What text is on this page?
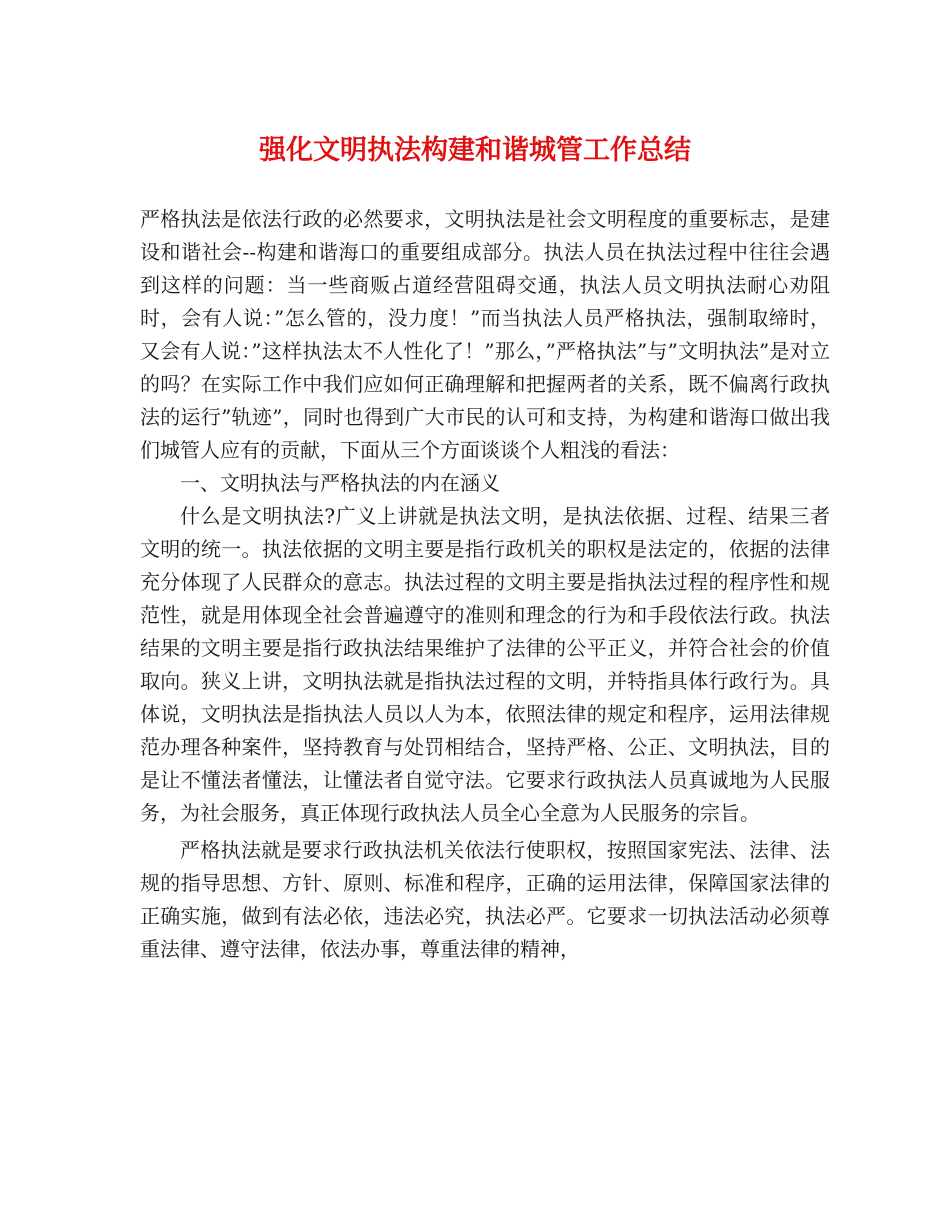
强化文明执法构建和谐城管工作总结

严格执法是依法行政的必然要求，文明执法是社会文明程度的重要标志，是建设和谐社会--构建和谐海口的重要组成部分。执法人员在执法过程中往往会遇到这样的问题：当一些商贩占道经营阻碍交通，执法人员文明执法耐心劝阻时，会有人说：”怎么管的，没力度！”而当执法人员严格执法，强制取缔时，又会有人说：”这样执法太不人性化了！”那么，”严格执法”与”文明执法”是对立的吗？在实际工作中我们应如何正确理解和把握两者的关系，既不偏离行政执法的运行”轨迹”，同时也得到广大市民的认可和支持，为构建和谐海口做出我们城管人应有的贡献，下面从三个方面谈谈个人粗浅的看法：

一、文明执法与严格执法的内在涵义

什么是文明执法?广义上讲就是执法文明，是执法依据、过程、结果三者文明的统一。执法依据的文明主要是指行政机关的职权是法定的，依据的法律充分体现了人民群众的意志。执法过程的文明主要是指执法过程的程序性和规范性，就是用体现全社会普遍遵守的准则和理念的行为和手段依法行政。执法结果的文明主要是指行政执法结果维护了法律的公平正义，并符合社会的价值取向。狭义上讲，文明执法就是指执法过程的文明，并特指具体行政行为。具体说，文明执法是指执法人员以人为本，依照法律的规定和程序，运用法律规范办理各种案件，坚持教育与处罚相结合，坚持严格、公正、文明执法，目的是让不懂法者懂法，让懂法者自觉守法。它要求行政执法人员真诚地为人民服务，为社会服务，真正体现行政执法人员全心全意为人民服务的宗旨。

严格执法就是要求行政执法机关依法行使职权，按照国家宪法、法律、法规的指导思想、方针、原则、标准和程序，正确的运用法律，保障国家法律的正确实施，做到有法必依，违法必究，执法必严。它要求一切执法活动必须尊重法律、遵守法律，依法办事，尊重法律的精神，
